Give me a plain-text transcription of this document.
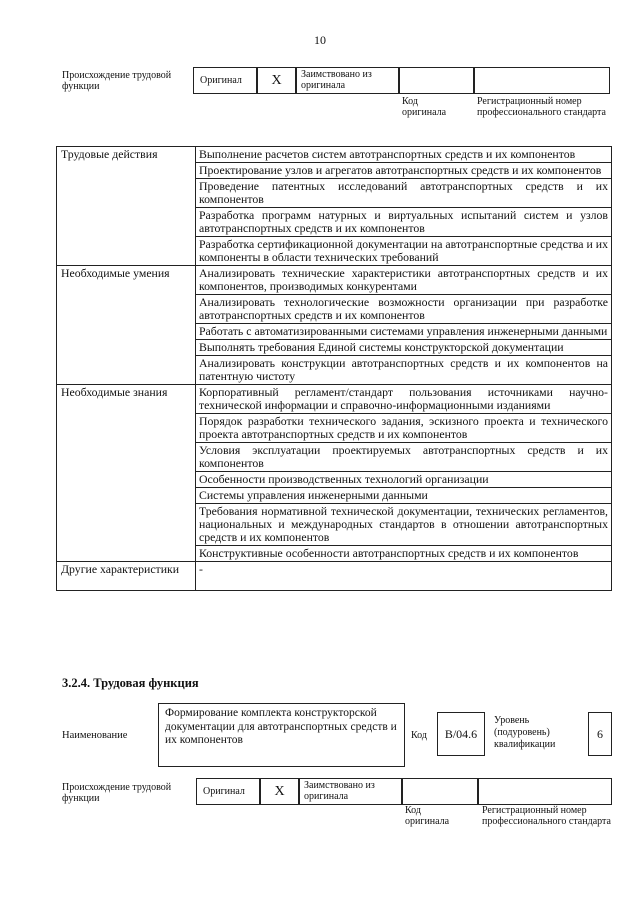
10
Происхождение трудовой функции
Оригинал	X	Заимствовано из оригинала
Код оригинала
Регистрационный номер профессионального стандарта
Трудовые действия	Выполнение расчетов систем автотранспортных средств и их компонентов
	Проектирование узлов и агрегатов автотранспортных средств и их компонентов
	Проведение патентных исследований автотранспортных средств и их компонентов
	Разработка программ натурных и виртуальных испытаний систем и узлов автотранспортных средств и их компонентов
	Разработка сертификационной документации на автотранспортные средства и их компоненты в области технических требований
Необходимые умения	Анализировать технические характеристики автотранспортных средств и их компонентов, производимых конкурентами
	Анализировать технологические возможности организации при разработке автотранспортных средств и их компонентов
	Работать с автоматизированными системами управления инженерными данными
	Выполнять требования Единой системы конструкторской документации
	Анализировать конструкции автотранспортных средств и их компонентов на патентную чистоту
Необходимые знания	Корпоративный регламент/стандарт пользования источниками научно-технической информации и справочно-информационными изданиями
	Порядок разработки технического задания, эскизного проекта и технического проекта автотранспортных средств и их компонентов
	Условия эксплуатации проектируемых автотранспортных средств и их компонентов
	Особенности производственных технологий организации
	Системы управления инженерными данными
	Требования нормативной технической документации, технических регламентов, национальных и международных стандартов в отношении автотранспортных средств и их компонентов
	Конструктивные особенности автотранспортных средств и их компонентов
Другие характеристики	-
3.2.4. Трудовая функция
Наименование
Формирование комплекта конструкторской документации для автотранспортных средств и их компонентов	Код	B/04.6
Уровень (подуровень) квалификации
6
Происхождение трудовой функции
Оригинал	X	Заимствовано из оригинала
Код оригинала
Регистрационный номер профессионального стандарта
